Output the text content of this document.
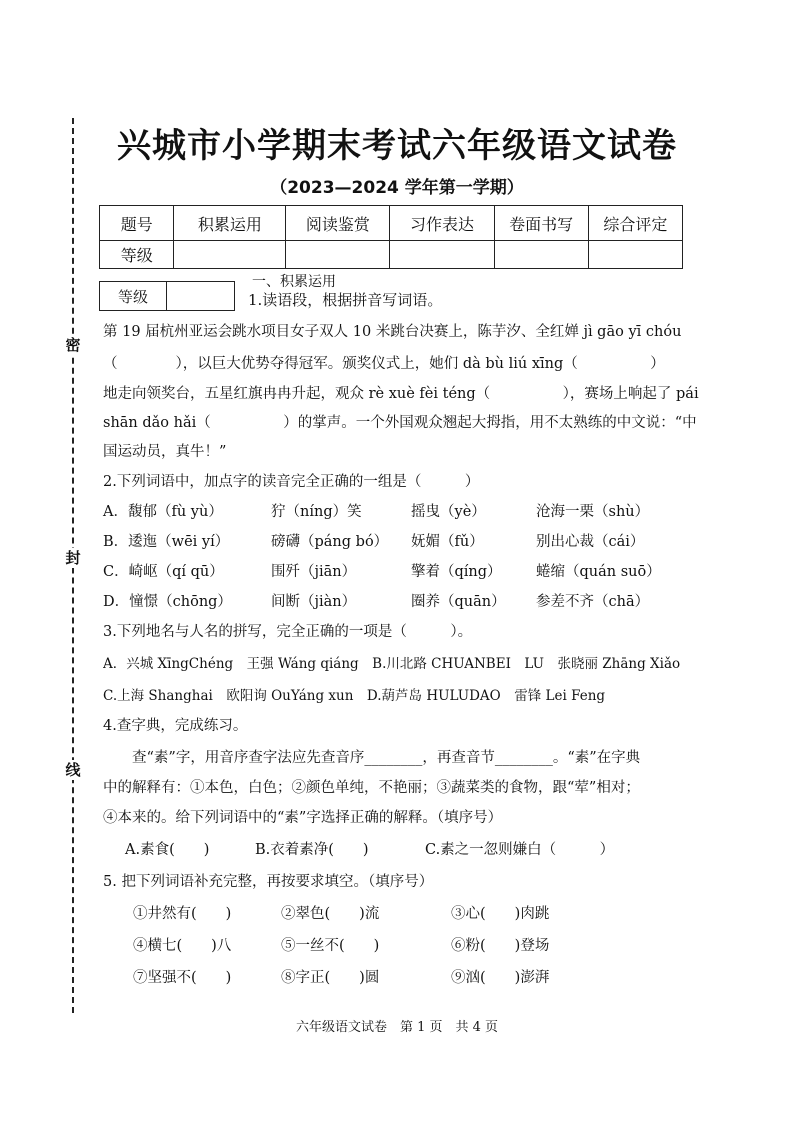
密
封
线
兴城市小学期末考试六年级语文试卷
（2023—2024 学年第一学期）
题号	积累运用	阅读鉴赏	习作表达	卷面书写	综合评定
等级					
等级
一、积累运用
1.读语段，根据拼音写词语。
第 19 届杭州亚运会跳水项目女子双人 10 米跳台决赛上，陈芋汐、全红婵 jì gāo yī chóu
（　　　　），以巨大优势夺得冠军。颁奖仪式上，她们 dà bù liú xīng（　　　　　）
地走向领奖台，五星红旗冉冉升起，观众 rè xuè fèi téng（　　　　　），赛场上响起了 pái
shān dǎo hǎi（　　　　　）的掌声。一个外国观众翘起大拇指，用不太熟练的中文说：“中
国运动员，真牛！”
2.下列词语中，加点字的读音完全正确的一组是（　　　）
A．馥郁（fù yù）	狞（níng）笑	摇曳（yè）	沧海一栗（shù）
B．逶迤（wēi yí）	磅礴（páng bó） 妩媚（fǔ）	别出心裁（cái）
C．崎岖（qí qū）	围歼（jiān）	擎着（qíng） 蜷缩（quán suō）
D．憧憬（chōng）	间断（jiàn）	圈养（quān） 参差不齐（chā）
3.下列地名与人名的拼写，完全正确的一项是（　　　）。
A．兴城 XīngChéng　王强 Wáng qiáng　B.川北路 CHUANBEI　LU　张晓丽 Zhāng Xiǎo
C.上海 Shanghai　欧阳询 OuYáng xun　D.葫芦岛 HULUDAO　雷锋 Lei Feng
4.查字典，完成练习。
　　查“素”字，用音序查字法应先查音序________，再查音节________。“素”在字典
中的解释有：①本色，白色；②颜色单纯，不艳丽；③蔬菜类的食物，跟“荤”相对；
④本来的。给下列词语中的“素”字选择正确的解释。（填序号）
A.素食(　　)	B.衣着素净(　　)	C.素之一忽则嫌白（　　　）
5. 把下列词语补充完整，再按要求填空。（填序号）
①井然有(　　)	②翠色(　　)流	③心(　　)肉跳
④横七(　　)八	⑤一丝不(　　)	⑥粉(　　)登场
⑦坚强不(　　)	⑧字正(　　)圆	⑨汹(　　)澎湃
六年级语文试卷　第 1 页　共 4 页
